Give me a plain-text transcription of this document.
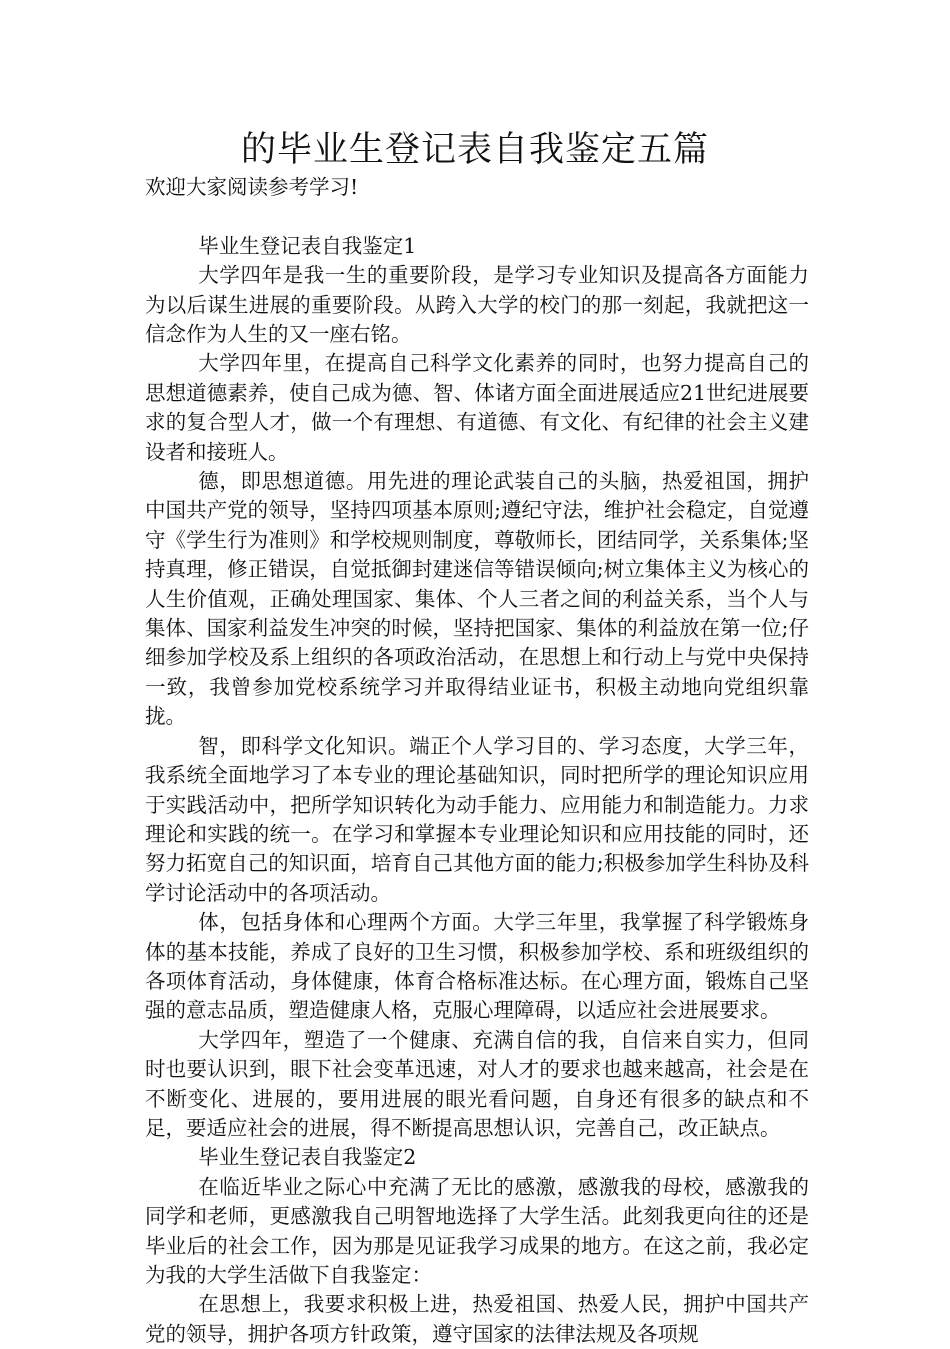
的毕业生登记表自我鉴定五篇

欢迎大家阅读参考学习!

毕业生登记表自我鉴定1

大学四年是我一生的重要阶段，是学习专业知识及提高各方面能力为以后谋生进展的重要阶段。从跨入大学的校门的那一刻起，我就把这一信念作为人生的又一座右铭。

大学四年里，在提高自己科学文化素养的同时，也努力提高自己的思想道德素养，使自己成为德、智、体诸方面全面进展适应21世纪进展要求的复合型人才，做一个有理想、有道德、有文化、有纪律的社会主义建设者和接班人。

德，即思想道德。用先进的理论武装自己的头脑，热爱祖国，拥护中国共产党的领导，坚持四项基本原则;遵纪守法，维护社会稳定，自觉遵守《学生行为准则》和学校规则制度，尊敬师长，团结同学，关系集体;坚持真理，修正错误，自觉抵御封建迷信等错误倾向;树立集体主义为核心的人生价值观，正确处理国家、集体、个人三者之间的利益关系，当个人与集体、国家利益发生冲突的时候，坚持把国家、集体的利益放在第一位;仔细参加学校及系上组织的各项政治活动，在思想上和行动上与党中央保持一致，我曾参加党校系统学习并取得结业证书，积极主动地向党组织靠拢。

智，即科学文化知识。端正个人学习目的、学习态度，大学三年，我系统全面地学习了本专业的理论基础知识，同时把所学的理论知识应用于实践活动中，把所学知识转化为动手能力、应用能力和制造能力。力求理论和实践的统一。在学习和掌握本专业理论知识和应用技能的同时，还努力拓宽自己的知识面，培育自己其他方面的能力;积极参加学生科协及科学讨论活动中的各项活动。

体，包括身体和心理两个方面。大学三年里，我掌握了科学锻炼身体的基本技能，养成了良好的卫生习惯，积极参加学校、系和班级组织的各项体育活动，身体健康，体育合格标准达标。在心理方面，锻炼自己坚强的意志品质，塑造健康人格，克服心理障碍，以适应社会进展要求。

大学四年，塑造了一个健康、充满自信的我，自信来自实力，但同时也要认识到，眼下社会变革迅速，对人才的要求也越来越高，社会是在不断变化、进展的，要用进展的眼光看问题，自身还有很多的缺点和不足，要适应社会的进展，得不断提高思想认识，完善自己，改正缺点。

毕业生登记表自我鉴定2

在临近毕业之际心中充满了无比的感激，感激我的母校，感激我的同学和老师，更感激我自己明智地选择了大学生活。此刻我更向往的还是毕业后的社会工作，因为那是见证我学习成果的地方。在这之前，我必定为我的大学生活做下自我鉴定：

在思想上，我要求积极上进，热爱祖国、热爱人民，拥护中国共产党的领导，拥护各项方针政策，遵守国家的法律法规及各项规
